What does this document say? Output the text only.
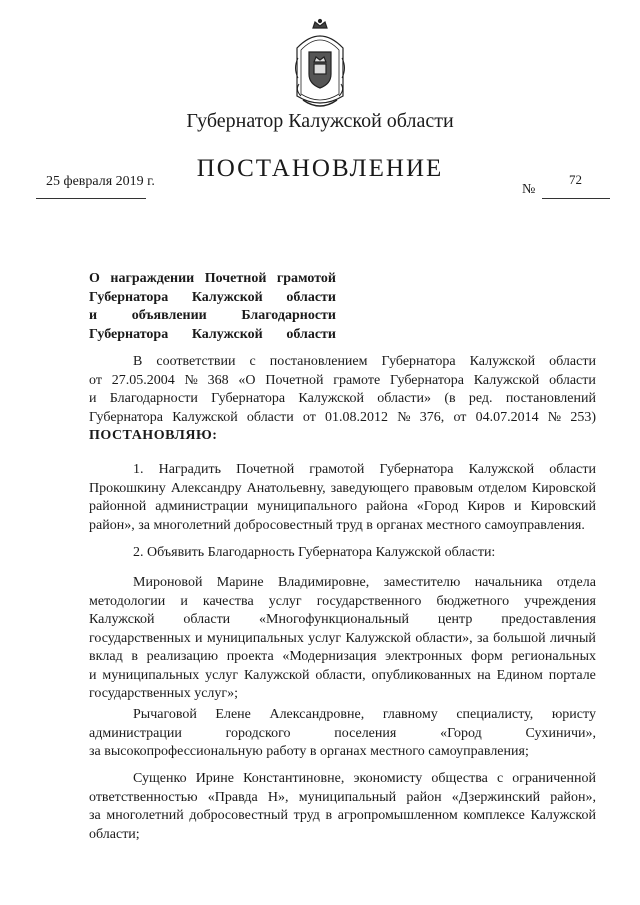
Губернатор Калужской области
ПОСТАНОВЛЕНИЕ
25 февраля 2019 г.
№
72
О награждении Почетной грамотой
Губернатора Калужской области
и объявлении Благодарности
Губернатора Калужской области
В соответствии с постановлением Губернатора Калужской области
от 27.05.2004 № 368 «О Почетной грамоте Губернатора Калужской области
и Благодарности Губернатора Калужской области» (в ред. постановлений
Губернатора Калужской области от 01.08.2012 № 376, от 04.07.2014 № 253)
ПОСТАНОВЛЯЮ:
1. Наградить Почетной грамотой Губернатора Калужской области
Прокошкину Александру Анатольевну, заведующего правовым отделом Кировской
районной администрации муниципального района «Город Киров и Кировский
район», за многолетний добросовестный труд в органах местного самоуправления.
2. Объявить Благодарность Губернатора Калужской области:
Мироновой Марине Владимировне, заместителю начальника отдела
методологии и качества услуг государственного бюджетного учреждения
Калужской области «Многофункциональный центр предоставления
государственных и муниципальных услуг Калужской области», за большой личный
вклад в реализацию проекта «Модернизация электронных форм региональных
и муниципальных услуг Калужской области, опубликованных на Едином портале
государственных услуг»;
Рычаговой Елене Александровне, главному специалисту, юристу
администрации	городского	поселения	«Город	Сухиничи»,
за высокопрофессиональную работу в органах местного самоуправления;
Сущенко Ирине Константиновне, экономисту общества с ограниченной
ответственностью «Правда Н», муниципальный район «Дзержинский район»,
за многолетний добросовестный труд в агропромышленном комплексе Калужской
области;
